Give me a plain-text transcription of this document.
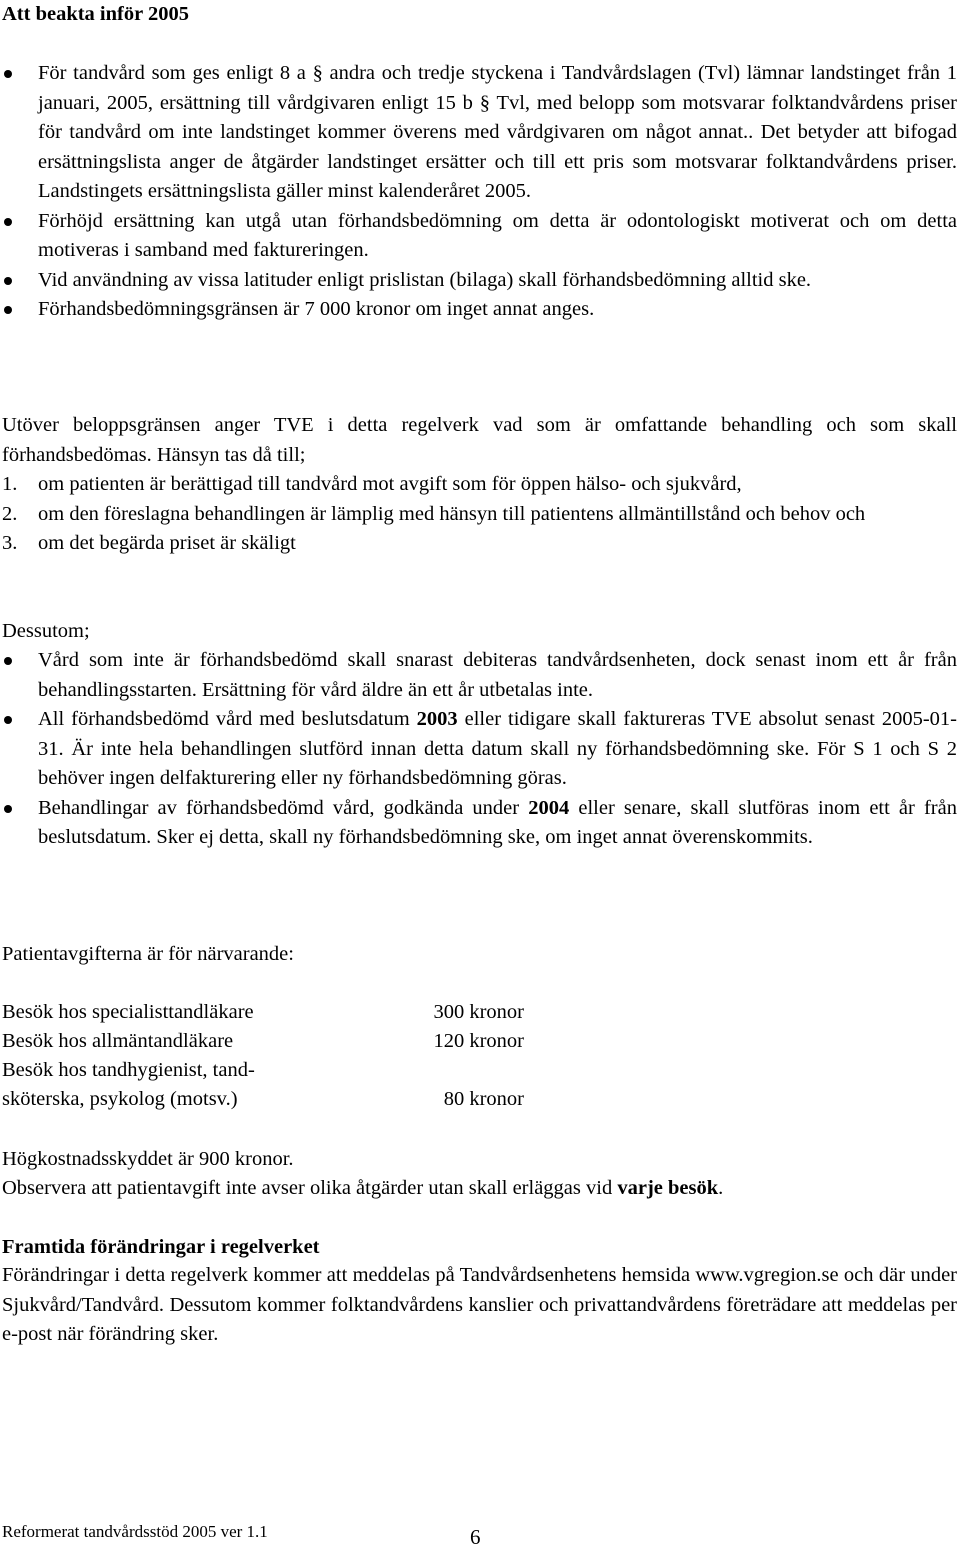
Att beakta inför 2005
För tandvård som ges enligt 8 a § andra och tredje styckena i Tandvårdslagen (Tvl) lämnar landstinget från 1 januari, 2005, ersättning till vårdgivaren enligt 15 b § Tvl, med belopp som motsvarar folktandvårdens priser för tandvård om inte landstinget kommer överens med vårdgivaren om något annat.. Det betyder att bifogad ersättningslista anger de åtgärder landstinget ersätter och till ett pris som motsvarar folktandvårdens priser. Landstingets ersättningslista gäller minst kalenderåret 2005.
Förhöjd ersättning kan utgå utan förhandsbedömning om detta är odontologiskt motiverat och om detta motiveras i samband med faktureringen.
Vid användning av vissa latituder enligt prislistan (bilaga) skall förhandsbedömning alltid ske.
Förhandsbedömningsgränsen är 7 000 kronor om inget annat anges.
Utöver beloppsgränsen anger TVE i detta regelverk vad som är omfattande behandling och som skall förhandsbedömas. Hänsyn tas då till;
1. om patienten är berättigad till tandvård mot avgift som för öppen hälso- och sjukvård,
2. om den föreslagna behandlingen är lämplig med hänsyn till patientens allmäntillstånd och behov och
3. om det begärda priset är skäligt
Dessutom;
Vård som inte är förhandsbedömd skall snarast debiteras tandvårdsenheten, dock senast inom ett år från behandlingsstarten. Ersättning för vård äldre än ett år utbetalas inte.
All förhandsbedömd vård med beslutsdatum 2003 eller tidigare skall faktureras TVE absolut senast 2005-01-31. Är inte hela behandlingen slutförd innan detta datum skall ny förhandsbedömning ske. För S 1 och S 2 behöver ingen delfakturering eller ny förhandsbedömning göras.
Behandlingar av förhandsbedömd vård, godkända under 2004 eller senare, skall slutföras inom ett år från beslutsdatum. Sker ej detta, skall ny förhandsbedömning ske, om inget annat överenskommits.
Patientavgifterna är för närvarande:
Besök hos specialisttandläkare	300 kronor
Besök hos allmäntandläkare	120 kronor
Besök hos tandhygienist, tand-
sköterska, psykolog (motsv.)	80 kronor
Högkostnadsskyddet är 900 kronor.
Observera att patientavgift inte avser olika åtgärder utan skall erläggas vid varje besök.
Framtida förändringar i regelverket
Förändringar i detta regelverk kommer att meddelas på Tandvårdsenhetens hemsida www.vgregion.se och där under Sjukvård/Tandvård. Dessutom kommer folktandvårdens kanslier och privattandvårdens företrädare att meddelas per e-post när förändring sker.
Reformerat tandvårdsstöd 2005 ver 1.1	6
